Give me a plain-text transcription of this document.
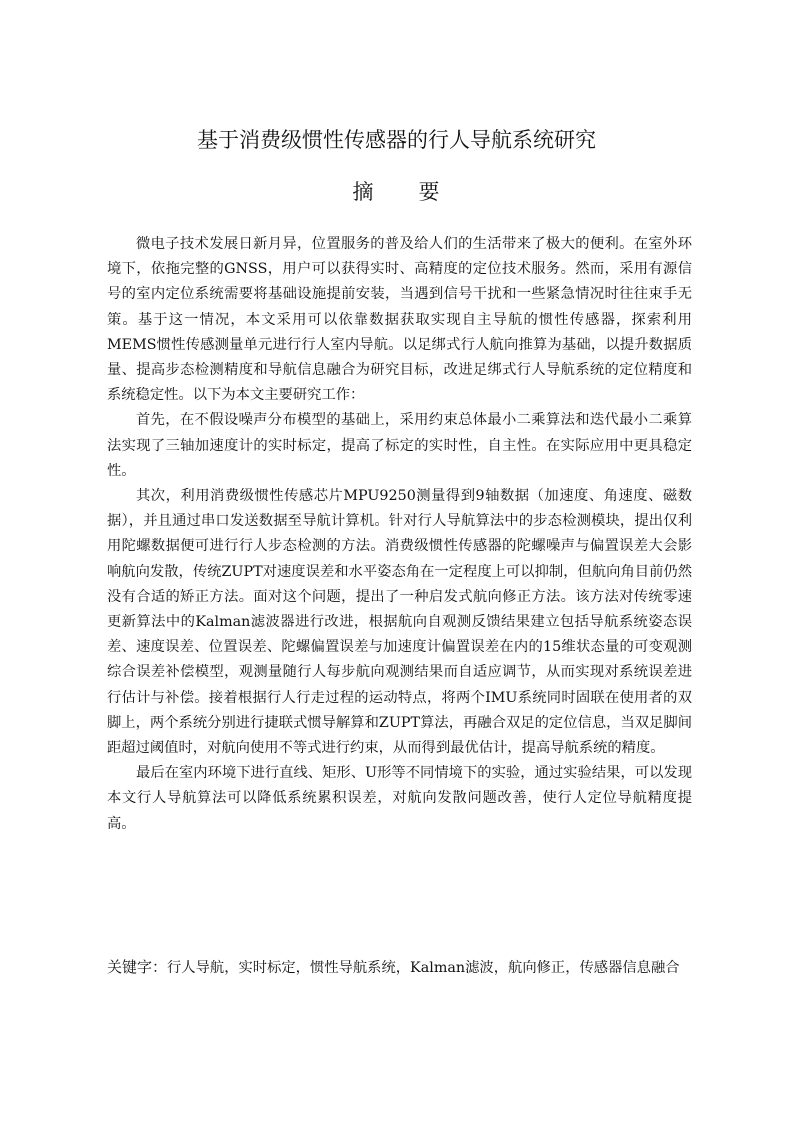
基于消费级惯性传感器的行人导航系统研究
摘　　要

微电子技术发展日新月异，位置服务的普及给人们的生活带来了极大的便利。在室外环境下，依拖完整的GNSS，用户可以获得实时、高精度的定位技术服务。然而，采用有源信号的室内定位系统需要将基础设施提前安装，当遇到信号干扰和一些紧急情况时往往束手无策。基于这一情况，本文采用可以依靠数据获取实现自主导航的惯性传感器，探索利用MEMS惯性传感测量单元进行行人室内导航。以足绑式行人航向推算为基础，以提升数据质量、提高步态检测精度和导航信息融合为研究目标，改进足绑式行人导航系统的定位精度和系统稳定性。以下为本文主要研究工作：

首先，在不假设噪声分布模型的基础上，采用约束总体最小二乘算法和迭代最小二乘算法实现了三轴加速度计的实时标定，提高了标定的实时性，自主性。在实际应用中更具稳定性。

其次，利用消费级惯性传感芯片MPU9250测量得到9轴数据（加速度、角速度、磁数据），并且通过串口发送数据至导航计算机。针对行人导航算法中的步态检测模块，提出仅利用陀螺数据便可进行行人步态检测的方法。消费级惯性传感器的陀螺噪声与偏置误差大会影响航向发散，传统ZUPT对速度误差和水平姿态角在一定程度上可以抑制，但航向角目前仍然没有合适的矫正方法。面对这个问题，提出了一种启发式航向修正方法。该方法对传统零速更新算法中的Kalman滤波器进行改进，根据航向自观测反馈结果建立包括导航系统姿态误差、速度误差、位置误差、陀螺偏置误差与加速度计偏置误差在内的15维状态量的可变观测综合误差补偿模型，观测量随行人每步航向观测结果而自适应调节，从而实现对系统误差进行估计与补偿。接着根据行人行走过程的运动特点，将两个IMU系统同时固联在使用者的双脚上，两个系统分别进行捷联式惯导解算和ZUPT算法，再融合双足的定位信息，当双足脚间距超过阈值时，对航向使用不等式进行约束，从而得到最优估计，提高导航系统的精度。

最后在室内环境下进行直线、矩形、U形等不同情境下的实验，通过实验结果，可以发现本文行人导航算法可以降低系统累积误差，对航向发散问题改善，使行人定位导航精度提高。

关键字：行人导航，实时标定，惯性导航系统，Kalman滤波，航向修正，传感器信息融合
